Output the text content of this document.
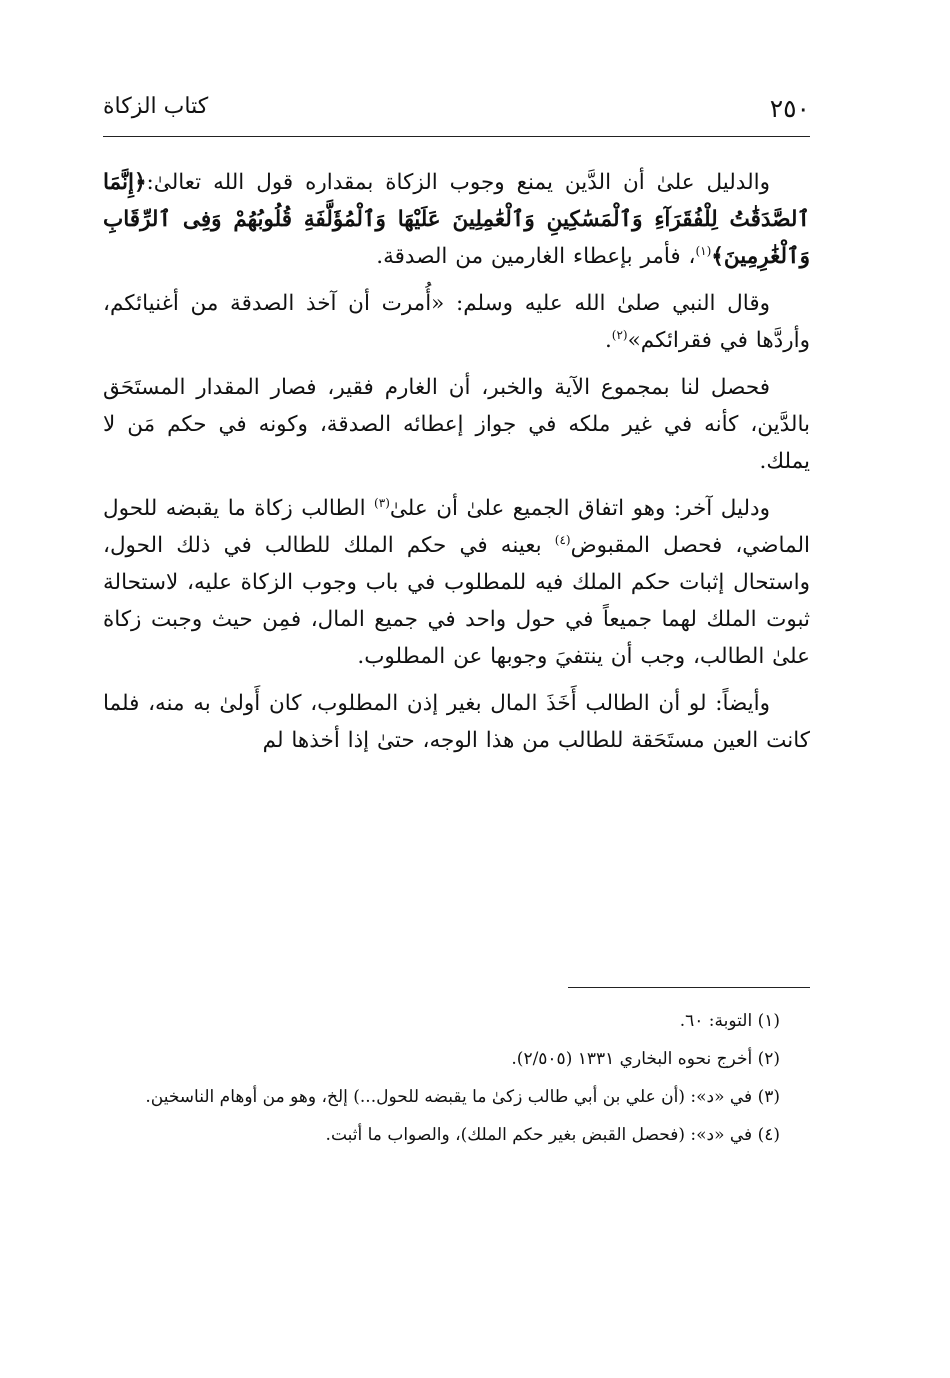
٢٥٠
كتاب الزكاة

والدليل علىٰ أن الدَّين يمنع وجوب الزكاة بمقداره قول الله تعالىٰ:﴿إِنَّمَا ٱلصَّدَقَٰتُ لِلْفُقَرَآءِ وَٱلْمَسَٰكِينِ وَٱلْعَٰمِلِينَ عَلَيْهَا وَٱلْمُؤَلَّفَةِ قُلُوبُهُمْ وَفِى ٱلرِّقَابِ وَٱلْغَٰرِمِينَ﴾$^{(١)}$، فأمر بإعطاء الغارمين من الصدقة.

وقال النبي صلىٰ الله عليه وسلم: «أُمرت أن آخذ الصدقة من أغنيائكم، وأردَّها في فقرائكم»$^{(٢)}$.

فحصل لنا بمجموع الآية والخبر، أن الغارم فقير، فصار المقدار المستَحَق بالدَّين، كأنه في غير ملكه في جواز إعطائه الصدقة، وكونه في حكم مَن لا يملك.

ودليل آخر: وهو اتفاق الجميع علىٰ أن علىٰ$^{(٣)}$ الطالب زكاة ما يقبضه للحول الماضي، فحصل المقبوض$^{(٤)}$ بعينه في حكم الملك للطالب في ذلك الحول، واستحال إثبات حكم الملك فيه للمطلوب في باب وجوب الزكاة عليه، لاستحالة ثبوت الملك لهما جميعاً في حول واحد في جميع المال، فمِن حيث وجبت زكاة علىٰ الطالب، وجب أن ينتفيَ وجوبها عن المطلوب.

وأيضاً: لو أن الطالب أَخَذَ المال بغير إذن المطلوب، كان أَولىٰ به منه، فلما كانت العين مستَحَقة للطالب من هذا الوجه، حتىٰ إذا أخذها لم

(١) التوبة: ٦٠.

(٢) أخرج نحوه البخاري ١٣٣١ (٢/٥٠٥).

(٣) في «د»: (أن علي بن أبي طالب زكىٰ ما يقبضه للحول...) إلخ، وهو من أوهام الناسخين.

(٤) في «د»: (فحصل القبض بغير حكم الملك)، والصواب ما أثبت.
